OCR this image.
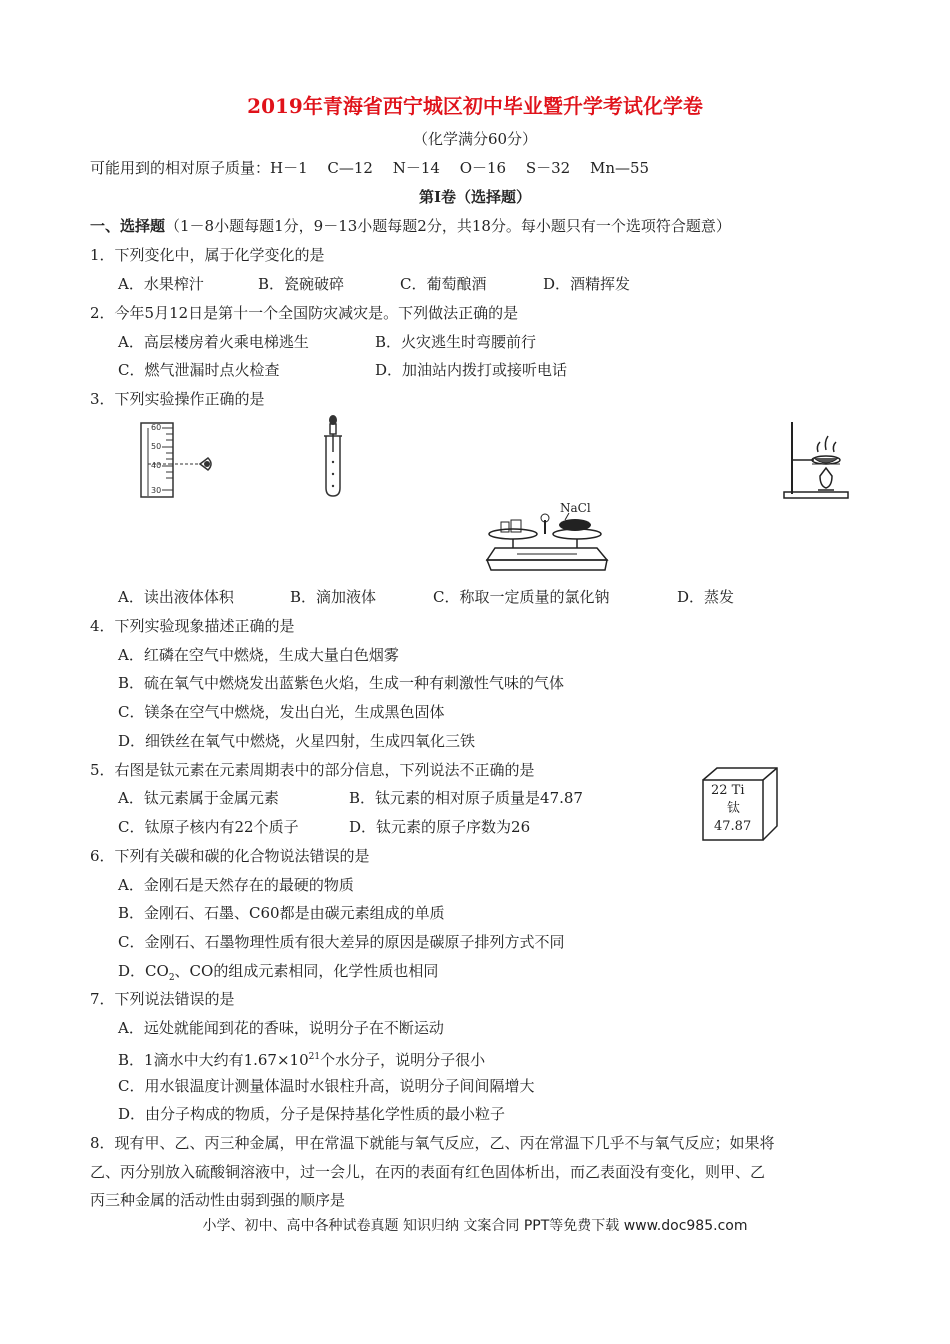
2019年青海省西宁城区初中毕业暨升学考试化学卷
（化学满分60分）
可能用到的相对原子质量：H－1　 C—12　 N－14　 O－16　 S－32　 Mn—55
第Ⅰ卷（选择题）
一、选择题（1－8小题每题1分，9－13小题每题2分，共18分。每小题只有一个选项符合题意）
1．下列变化中，属于化学变化的是
A．水果榨汁	B．瓷碗破碎	C．葡萄酿酒	D．酒精挥发
2．今年5月12日是第十一个全国防灾减灾是。下列做法正确的是
A．高层楼房着火乘电梯逃生	B．火灾逃生时弯腰前行
C．燃气泄漏时点火检查	D．加油站内拨打或接听电话
3．下列实验操作正确的是
60
50
40
30
NaCl
A．读出液体体积	B．滴加液体	C．称取一定质量的氯化钠	D．蒸发
4．下列实验现象描述正确的是
A．红磷在空气中燃烧，生成大量白色烟雾
B．硫在氧气中燃烧发出蓝紫色火焰，生成一种有刺激性气味的气体
C．镁条在空气中燃烧，发出白光，生成黑色固体
D．细铁丝在氧气中燃烧，火星四射，生成四氧化三铁
5．右图是钛元素在元素周期表中的部分信息，下列说法不正确的是
A．钛元素属于金属元素	B．钛元素的相对原子质量是47.87
C．钛原子核内有22个质子	D．钛元素的原子序数为26
22 Ti
钛
47.87
6．下列有关碳和碳的化合物说法错误的是
A．金刚石是天然存在的最硬的物质
B．金刚石、石墨、C60都是由碳元素组成的单质
C．金刚石、石墨物理性质有很大差异的原因是碳原子排列方式不同
D．$CO_2$、CO的组成元素相同，化学性质也相同
7．下列说法错误的是
A．远处就能闻到花的香味，说明分子在不断运动
B．1滴水中大约有$1.67\times 10^{21}$个水分子，说明分子很小
C．用水银温度计测量体温时水银柱升高，说明分子间间隔增大
D．由分子构成的物质，分子是保持基化学性质的最小粒子
8．现有甲、乙、丙三种金属，甲在常温下就能与氧气反应，乙、丙在常温下几乎不与氧气反应；如果将
乙、丙分别放入硫酸铜溶液中，过一会儿，在丙的表面有红色固体析出，而乙表面没有变化，则甲、乙
丙三种金属的活动性由弱到强的顺序是
小学、初中、高中各种试卷真题 知识归纳 文案合同 PPT等免费下载 www.doc985.com
